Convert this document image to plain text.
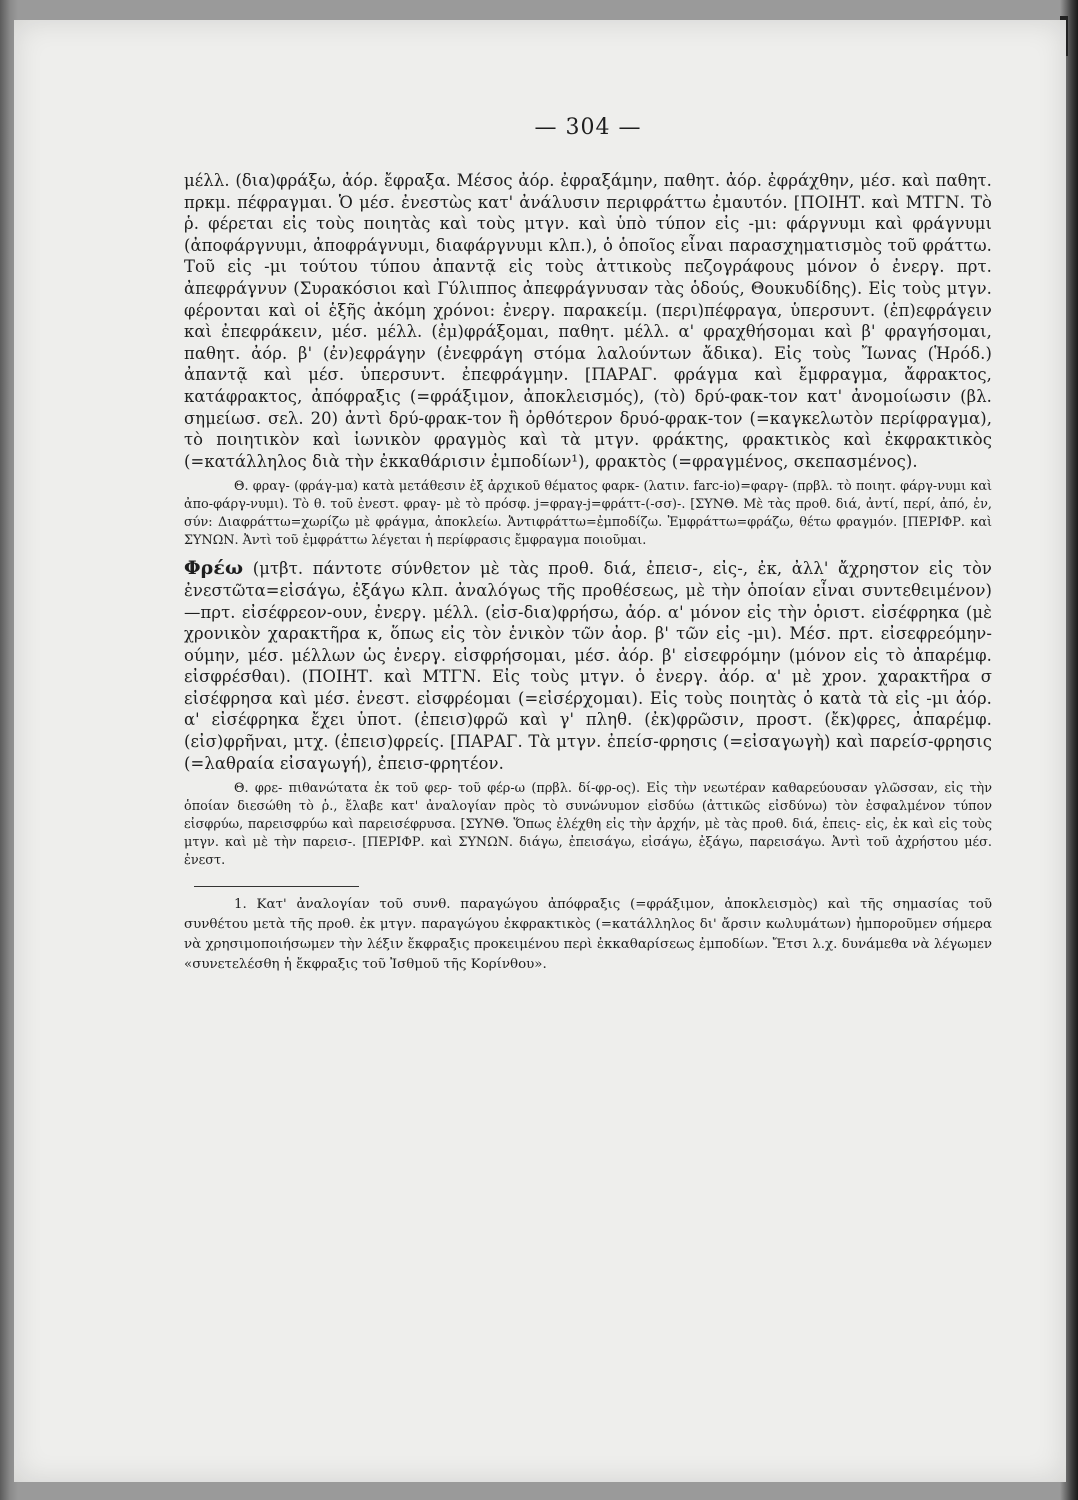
— 304 —

μέλλ. (δια)φράξω, ἀόρ. ἔφραξα. Μέσος ἀόρ. ἐφραξάμην, παθητ. ἀόρ. ἐφράχθην, μέσ. καὶ παθητ. πρκμ. πέφραγμαι. Ὁ μέσ. ἐνεστὼς κατ' ἀνάλυσιν περιφράττω ἐμαυτόν. [ΠΟΙΗΤ. καὶ ΜΤΓΝ. Τὸ ῥ. φέρεται εἰς τοὺς ποιητὰς καὶ τοὺς μτγν. καὶ ὑπὸ τύπον εἰς -μι: φάργνυμι καὶ φράγνυμι (ἀποφάργνυμι, ἀποφράγνυμι, διαφάργνυμι κλπ.), ὁ ὁποῖος εἶναι παρασχηματισμὸς τοῦ φράττω. Τοῦ εἰς -μι τούτου τύπου ἀπαντᾷ εἰς τοὺς ἀττικοὺς πεζογράφους μόνον ὁ ἐνεργ. πρτ. ἀπεφράγνυν (Συρακόσιοι καὶ Γύλιππος ἀπεφράγνυσαν τὰς ὁδούς, Θουκυδίδης). Εἰς τοὺς μτγν. φέρονται καὶ οἱ ἑξῆς ἀκόμη χρόνοι: ἐνεργ. παρακείμ. (περι)πέφραγα, ὑπερσυντ. (ἐπ)εφράγειν καὶ ἐπεφράκειν, μέσ. μέλλ. (ἐμ)φράξομαι, παθητ. μέλλ. α' φραχθήσομαι καὶ β' φραγήσομαι, παθητ. ἀόρ. β' (ἐν)εφράγην (ἐνεφράγη στόμα λαλούντων ἄδικα). Εἰς τοὺς Ἴωνας (Ἡρόδ.) ἀπαντᾷ καὶ μέσ. ὑπερσυντ. ἐπεφράγμην. [ΠΑΡΑΓ. φράγμα καὶ ἔμφραγμα, ἄφρακτος, κατάφρακτος, ἀπόφραξις (=φράξιμον, ἀποκλεισμός), (τὸ) δρύ-φακ-τον κατ' ἀνομοίωσιν (βλ. σημείωσ. σελ. 20) ἀντὶ δρύ-φρακ-τον ἢ ὀρθότερον δρυό-φρακ-τον (=καγκελωτὸν περίφραγμα), τὸ ποιητικὸν καὶ ἰωνικὸν φραγμὸς καὶ τὰ μτγν. φράκτης, φρακτικὸς καὶ ἐκφρακτικὸς (=κατάλληλος διὰ τὴν ἐκκαθάρισιν ἐμποδίων¹), φρακτὸς (=φραγμένος, σκεπασμένος).

Θ. φραγ- (φράγ-μα) κατὰ μετάθεσιν ἐξ ἀρχικοῦ θέματος φαρκ- (λατιν. farc-io)=φαργ- (πρβλ. τὸ ποιητ. φάργ-νυμι καὶ ἀπο-φάργ-νυμι). Τὸ θ. τοῦ ἐνεστ. φραγ- μὲ τὸ πρόσφ. j=φραγ-j=φράττ-(-σσ)-. [ΣΥΝΘ. Μὲ τὰς προθ. διά, ἀντί, περί, ἀπό, ἐν, σύν: Διαφράττω=χωρίζω μὲ φράγμα, ἀποκλείω. Ἀντιφράττω=ἐμποδίζω. Ἐμφράττω=φράζω, θέτω φραγμόν. [ΠΕΡΙΦΡ. καὶ ΣΥΝΩΝ. Ἀντὶ τοῦ ἐμφράττω λέγεται ἡ περίφρασις ἔμφραγμα ποιοῦμαι.

Φρέω (μτβτ. πάντοτε σύνθετον μὲ τὰς προθ. διά, ἐπεισ-, εἰς-, ἐκ, ἀλλ' ἄχρηστον εἰς τὸν ἐνεστῶτα=εἰσάγω, ἐξάγω κλπ. ἀναλόγως τῆς προθέσεως, μὲ τὴν ὁποίαν εἶναι συντεθειμένον)—πρτ. εἰσέφρεον-ουν, ἐνεργ. μέλλ. (εἰσ-δια)φρήσω, ἀόρ. α' μόνον εἰς τὴν ὁριστ. εἰσέφρηκα (μὲ χρονικὸν χαρακτῆρα κ, ὅπως εἰς τὸν ἑνικὸν τῶν ἀορ. β' τῶν εἰς -μι). Μέσ. πρτ. εἰσεφρεόμην-ούμην, μέσ. μέλλων ὡς ἐνεργ. εἰσφρήσομαι, μέσ. ἀόρ. β' εἰσεφρόμην (μόνον εἰς τὸ ἀπαρέμφ. εἰσφρέσθαι). (ΠΟΙΗΤ. καὶ ΜΤΓΝ. Εἰς τοὺς μτγν. ὁ ἐνεργ. ἀόρ. α' μὲ χρον. χαρακτῆρα σ εἰσέφρησα καὶ μέσ. ἐνεστ. εἰσφρέομαι (=εἰσέρχομαι). Εἰς τοὺς ποιητὰς ὁ κατὰ τὰ εἰς -μι ἀόρ. α' εἰσέφρηκα ἔχει ὑποτ. (ἐπεισ)φρῶ καὶ γ' πληθ. (ἐκ)φρῶσιν, προστ. (ἔκ)φρες, ἀπαρέμφ. (εἰσ)φρῆναι, μτχ. (ἐπεισ)φρείς. [ΠΑΡΑΓ. Τὰ μτγν. ἐπείσ-φρησις (=εἰσαγωγὴ) καὶ παρείσ-φρησις (=λαθραία εἰσαγωγή), ἐπεισ-φρητέον.

Θ. φρε- πιθανώτατα ἐκ τοῦ φερ- τοῦ φέρ-ω (πρβλ. δί-φρ-ος). Εἰς τὴν νεωτέραν καθαρεύουσαν γλῶσσαν, εἰς τὴν ὁποίαν διεσώθη τὸ ῥ., ἔλαβε κατ' ἀναλογίαν πρὸς τὸ συνώνυμον εἰσδύω (ἀττικῶς εἰσδύνω) τὸν ἐσφαλμένον τύπον εἰσφρύω, παρεισφρύω καὶ παρεισέφρυσα. [ΣΥΝΘ. Ὅπως ἐλέχθη εἰς τὴν ἀρχήν, μὲ τὰς προθ. διά, ἐπεις- εἰς, ἐκ καὶ εἰς τοὺς μτγν. καὶ μὲ τὴν παρεισ-. [ΠΕΡΙΦΡ. καὶ ΣΥΝΩΝ. διάγω, ἐπεισάγω, εἰσάγω, ἐξάγω, παρεισάγω. Ἀντὶ τοῦ ἀχρήστου μέσ. ἐνεστ.

1. Κατ' ἀναλογίαν τοῦ συνθ. παραγώγου ἀπόφραξις (=φράξιμον, ἀποκλεισμὸς) καὶ τῆς σημασίας τοῦ συνθέτου μετὰ τῆς προθ. ἐκ μτγν. παραγώγου ἐκφρακτικὸς (=κατάλληλος δι' ἄρσιν κωλυμάτων) ἠμποροῦμεν σήμερα νὰ χρησιμοποιήσωμεν τὴν λέξιν ἔκφραξις προκειμένου περὶ ἐκκαθαρίσεως ἐμποδίων. Ἔτσι λ.χ. δυνάμεθα νὰ λέγωμεν «συνετελέσθη ἡ ἔκφραξις τοῦ Ἰσθμοῦ τῆς Κορίνθου».
